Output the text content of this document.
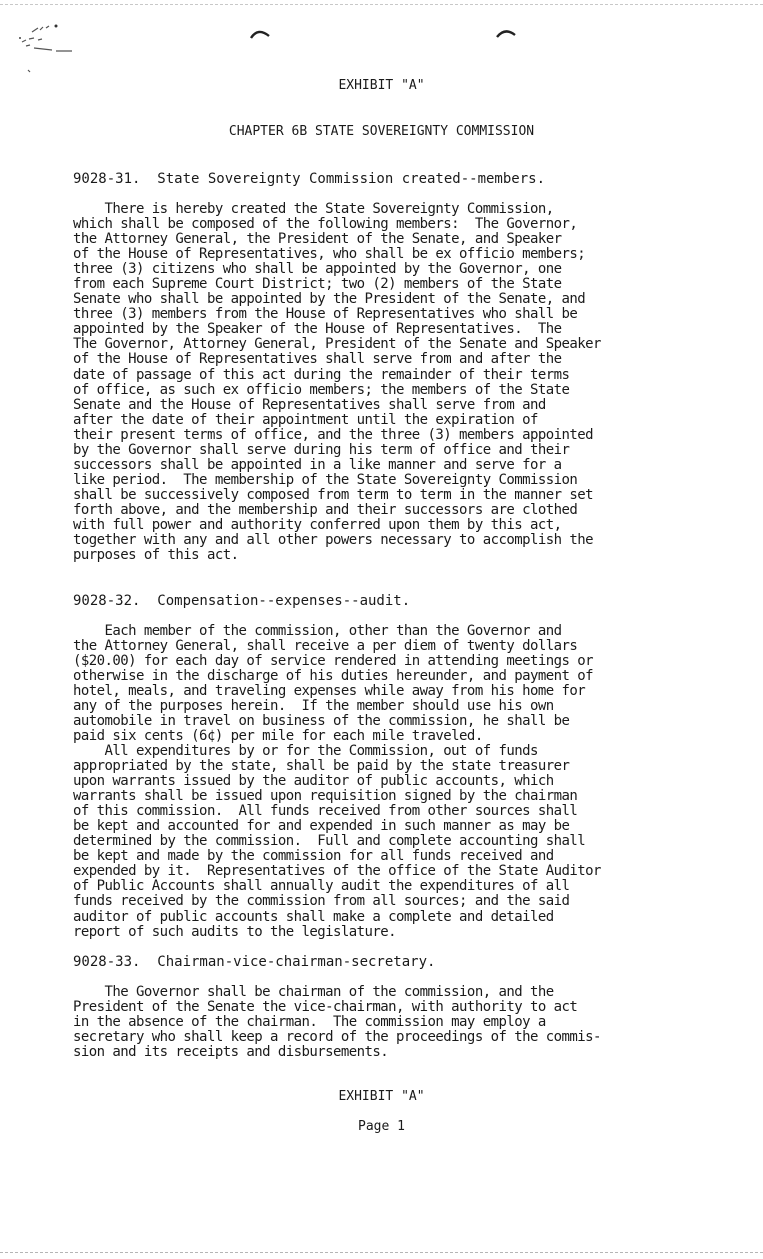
EXHIBIT "A"
CHAPTER 6B STATE SOVEREIGNTY COMMISSION
9028-31.  State Sovereignty Commission created--members.
There is hereby created the State Sovereignty Commission,
which shall be composed of the following members:  The Governor,
the Attorney General, the President of the Senate, and Speaker
of the House of Representatives, who shall be ex officio members;
three (3) citizens who shall be appointed by the Governor, one
from each Supreme Court District; two (2) members of the State
Senate who shall be appointed by the President of the Senate, and
three (3) members from the House of Representatives who shall be
appointed by the Speaker of the House of Representatives.  The
The Governor, Attorney General, President of the Senate and Speaker
of the House of Representatives shall serve from and after the
date of passage of this act during the remainder of their terms
of office, as such ex officio members; the members of the State
Senate and the House of Representatives shall serve from and
after the date of their appointment until the expiration of
their present terms of office, and the three (3) members appointed
by the Governor shall serve during his term of office and their
successors shall be appointed in a like manner and serve for a
like period.  The membership of the State Sovereignty Commission
shall be successively composed from term to term in the manner set
forth above, and the membership and their successors are clothed
with full power and authority conferred upon them by this act,
together with any and all other powers necessary to accomplish the
purposes of this act.
9028-32.  Compensation--expenses--audit.
Each member of the commission, other than the Governor and
the Attorney General, shall receive a per diem of twenty dollars
($20.00) for each day of service rendered in attending meetings or
otherwise in the discharge of his duties hereunder, and payment of
hotel, meals, and traveling expenses while away from his home for
any of the purposes herein.  If the member should use his own
automobile in travel on business of the commission, he shall be
paid six cents (6¢) per mile for each mile traveled.
All expenditures by or for the Commission, out of funds
appropriated by the state, shall be paid by the state treasurer
upon warrants issued by the auditor of public accounts, which
warrants shall be issued upon requisition signed by the chairman
of this commission.  All funds received from other sources shall
be kept and accounted for and expended in such manner as may be
determined by the commission.  Full and complete accounting shall
be kept and made by the commission for all funds received and
expended by it.  Representatives of the office of the State Auditor
of Public Accounts shall annually audit the expenditures of all
funds received by the commission from all sources; and the said
auditor of public accounts shall make a complete and detailed
report of such audits to the legislature.
9028-33.  Chairman-vice-chairman-secretary.
The Governor shall be chairman of the commission, and the
President of the Senate the vice-chairman, with authority to act
in the absence of the chairman.  The commission may employ a
secretary who shall keep a record of the proceedings of the commis-
sion and its receipts and disbursements.
EXHIBIT "A"
Page 1
